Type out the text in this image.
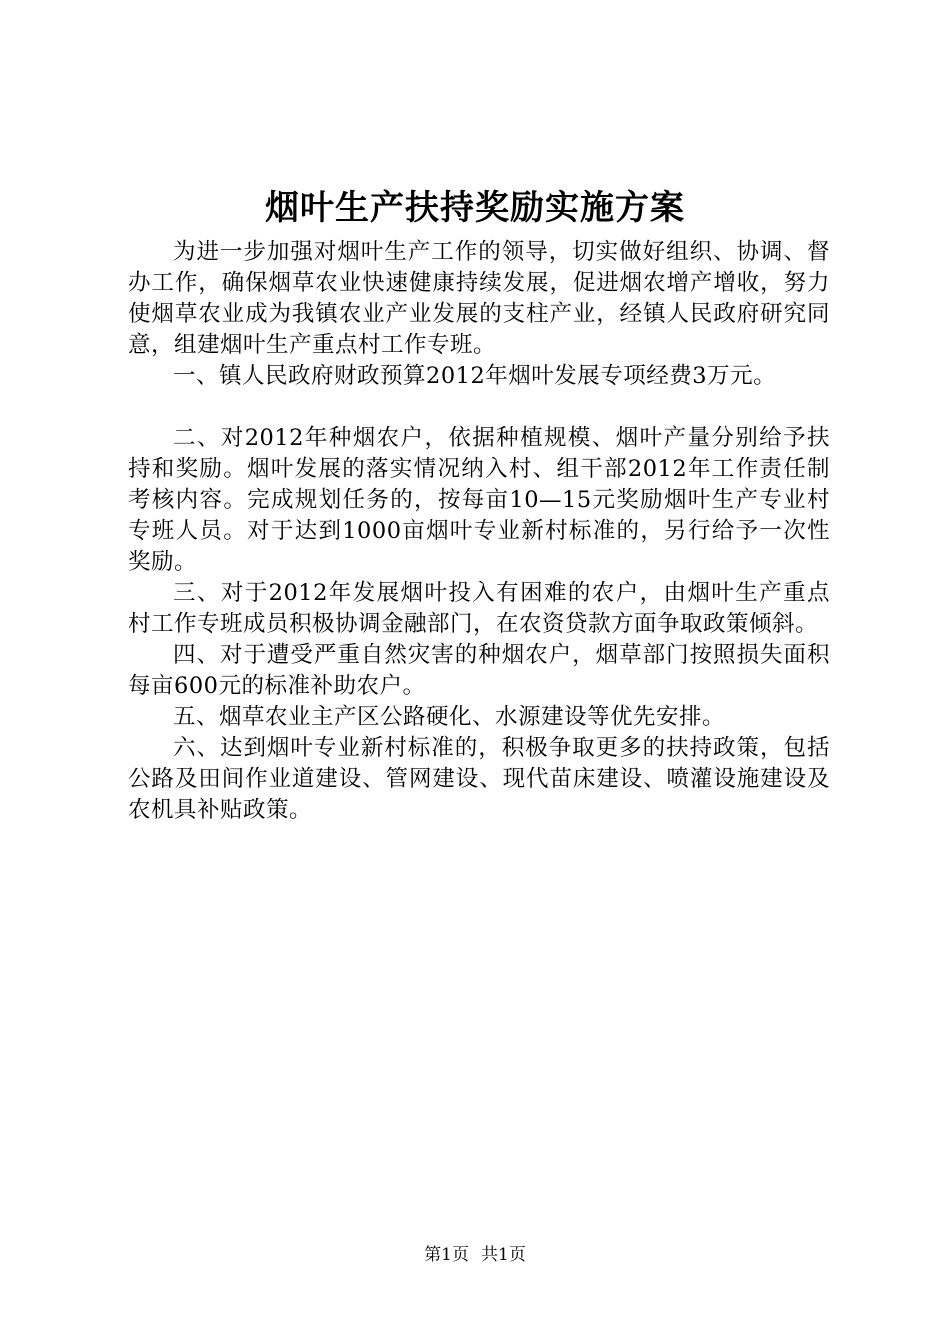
烟叶生产扶持奖励实施方案

为进一步加强对烟叶生产工作的领导，切实做好组织、协调、督办工作，确保烟草农业快速健康持续发展，促进烟农增产增收，努力使烟草农业成为我镇农业产业发展的支柱产业，经镇人民政府研究同意，组建烟叶生产重点村工作专班。

一、镇人民政府财政预算2012年烟叶发展专项经费3万元。

二、对2012年种烟农户，依据种植规模、烟叶产量分别给予扶持和奖励。烟叶发展的落实情况纳入村、组干部2012年工作责任制考核内容。完成规划任务的，按每亩10—15元奖励烟叶生产专业村专班人员。对于达到1000亩烟叶专业新村标准的，另行给予一次性奖励。

三、对于2012年发展烟叶投入有困难的农户，由烟叶生产重点村工作专班成员积极协调金融部门，在农资贷款方面争取政策倾斜。

四、对于遭受严重自然灾害的种烟农户，烟草部门按照损失面积每亩600元的标准补助农户。

五、烟草农业主产区公路硬化、水源建设等优先安排。

六、达到烟叶专业新村标准的，积极争取更多的扶持政策，包括公路及田间作业道建设、管网建设、现代苗床建设、喷灌设施建设及农机具补贴政策。

第1页 共1页
